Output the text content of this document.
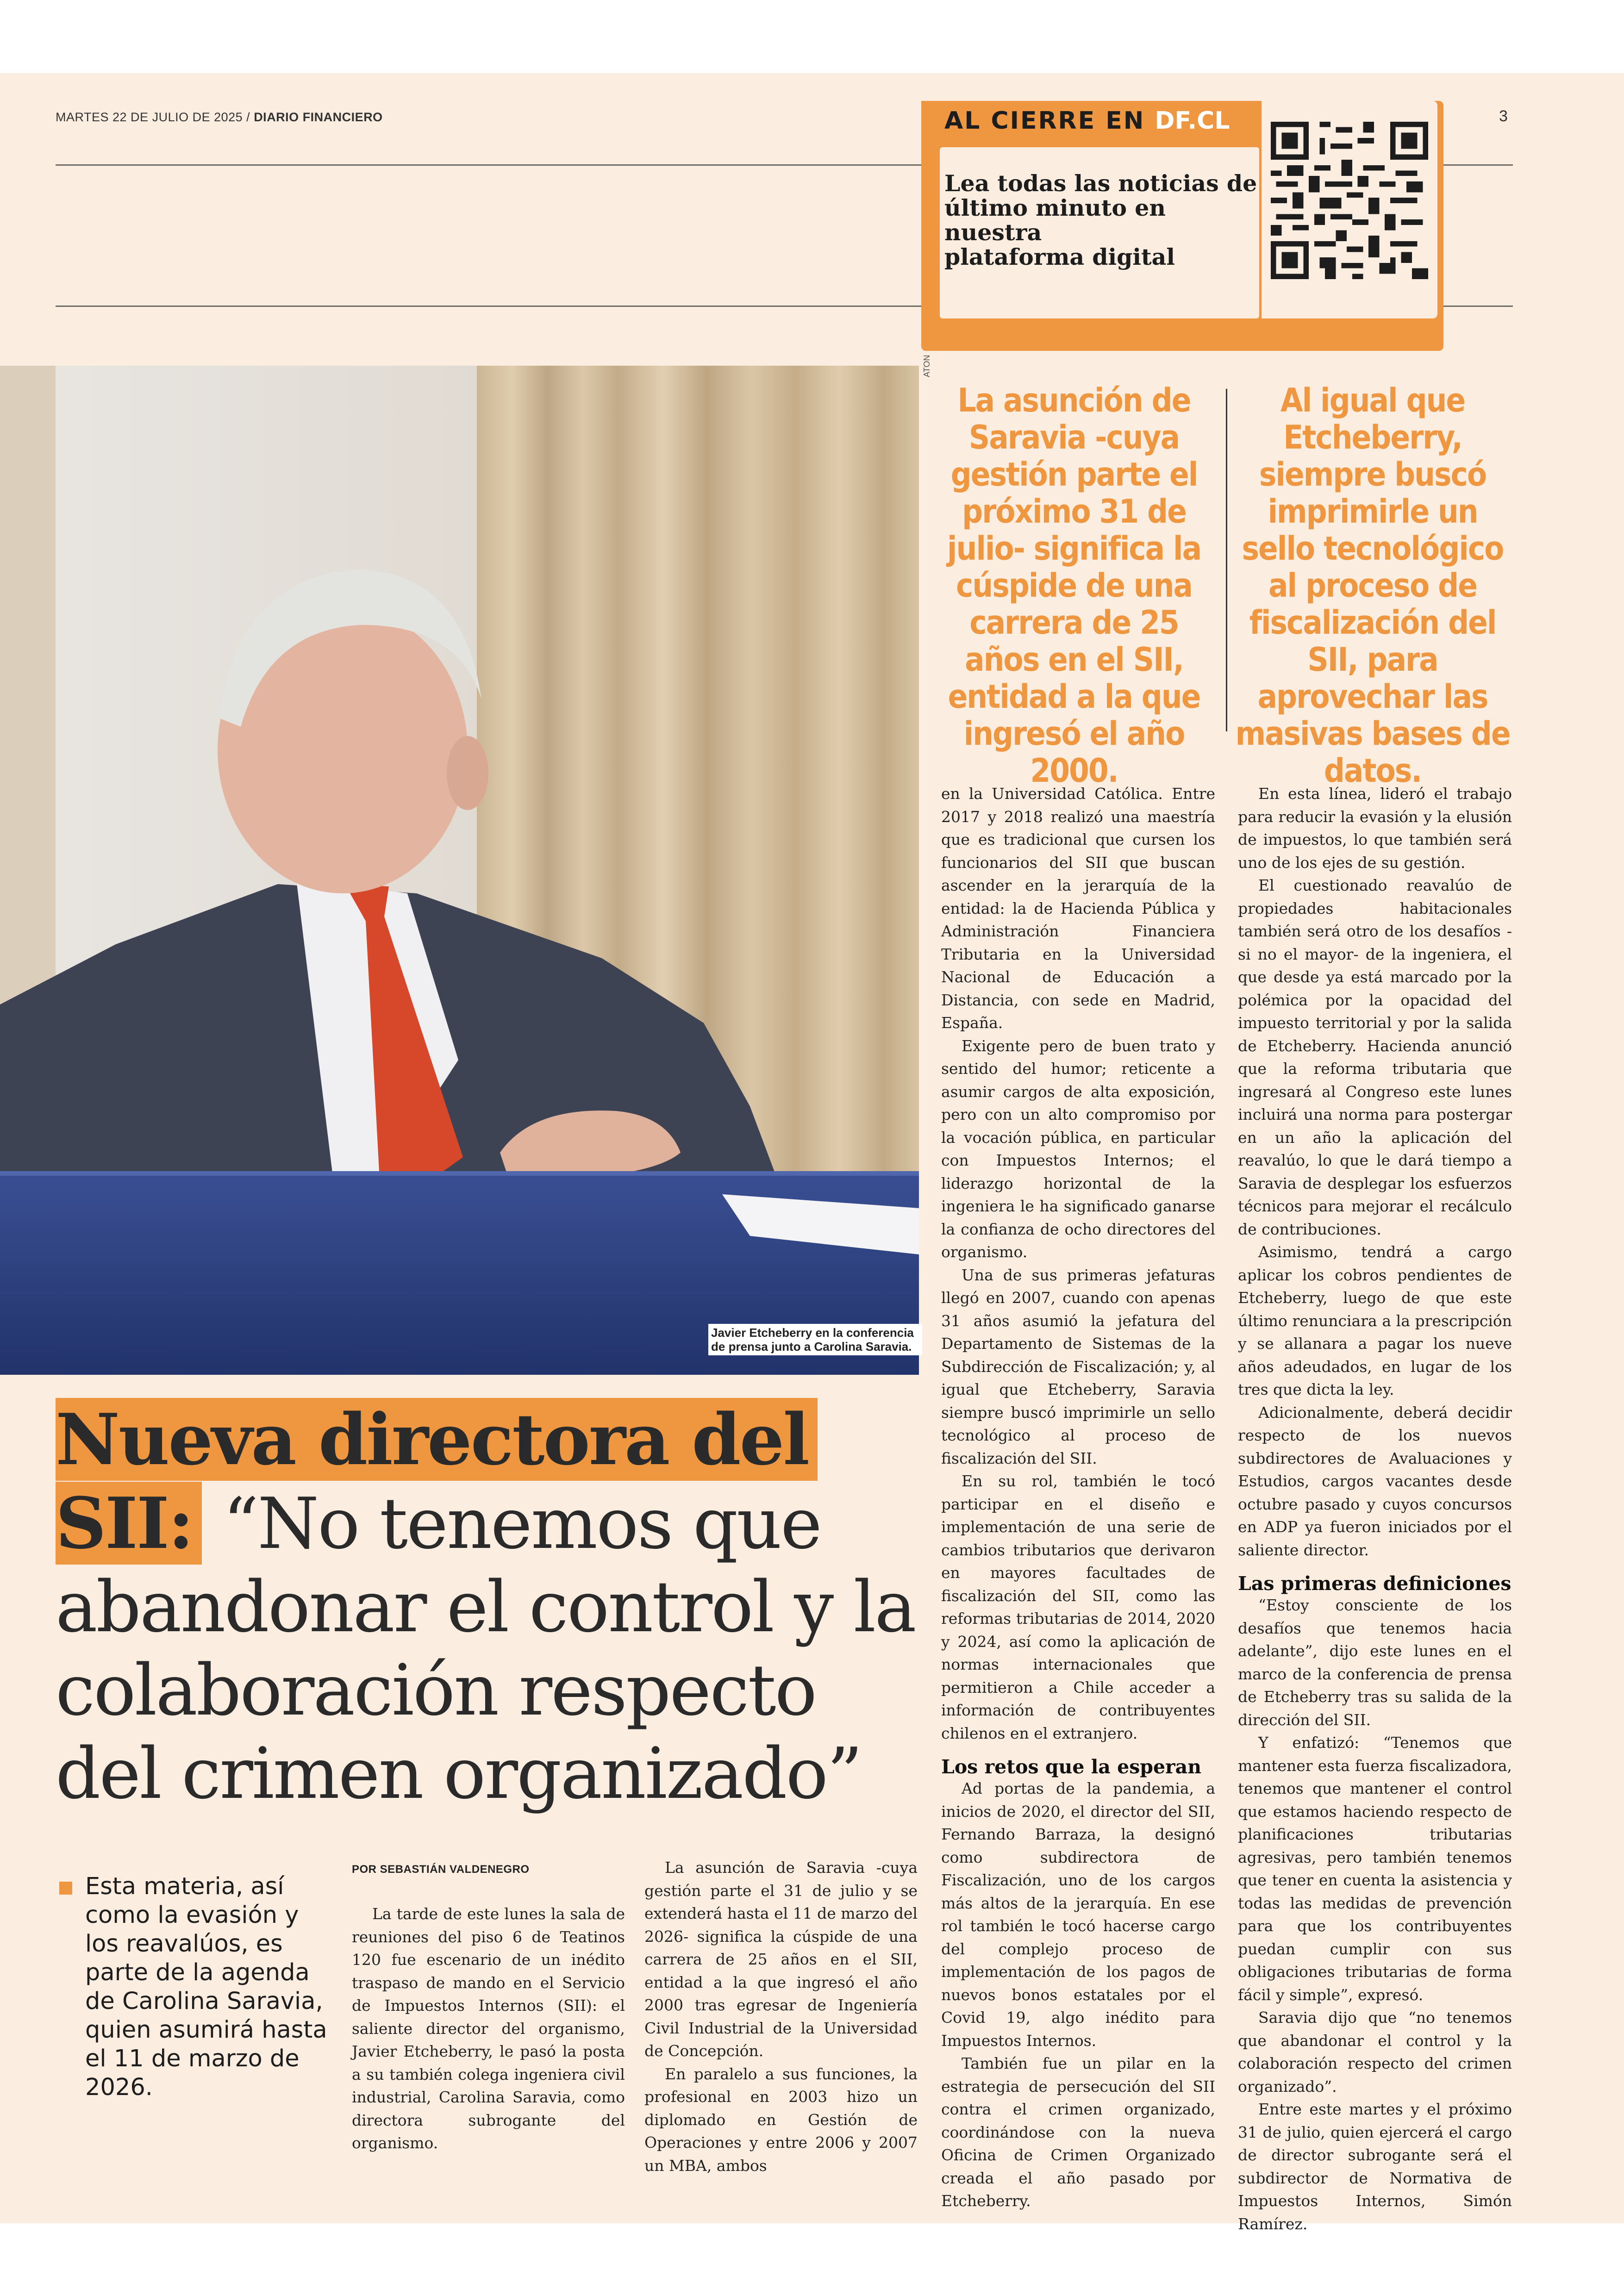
MARTES 22 DE JULIO DE 2025 / DIARIO FINANCIERO	3
AL CIERRE EN DF.CL
Lea todas las noticias de
último minuto en nuestra
plataforma digital
ATON
Javier Etcheberry en la conferencia de prensa junto a Carolina Saravia.
La asunción de Saravia -cuya gestión parte el próximo 31 de julio- significa la cúspide de una carrera de 25 años en el SII, entidad a la que ingresó el año 2000.
Al igual que Etcheberry, siempre buscó imprimirle un sello tecnológico al proceso de fiscalización del SII, para aprovechar las masivas bases de datos.
Nueva directora del
SII: “No tenemos que abandonar el control y la colaboración respecto del crimen organizado”
Esta materia, así como la evasión y los reavalúos, es parte de la agenda de Carolina Saravia, quien asumirá hasta el 11 de marzo de 2026.
POR SEBASTIÁN VALDENEGRO

La tarde de este lunes la sala de reuniones del piso 6 de Teatinos 120 fue escenario de un inédito traspaso de mando en el Servicio de Impuestos Internos (SII): el saliente director del organismo, Javier Etcheberry, le pasó la posta a su también colega ingeniera civil industrial, Carolina Saravia, como directora subrogante del organismo.

La asunción de Saravia -cuya gestión parte el 31 de julio y se extenderá hasta el 11 de marzo del 2026- significa la cúspide de una carrera de 25 años en el SII, entidad a la que ingresó el año 2000 tras egresar de Ingeniería Civil Industrial de la Universidad de Concepción.

En paralelo a sus funciones, la profesional en 2003 hizo un diplomado en Gestión de Operaciones y entre 2006 y 2007 un MBA, ambos

en la Universidad Católica. Entre 2017 y 2018 realizó una maestría que es tradicional que cursen los funcionarios del SII que buscan ascender en la jerarquía de la entidad: la de Hacienda Pública y Administración Financiera Tributaria en la Universidad Nacional de Educación a Distancia, con sede en Madrid, España.

Exigente pero de buen trato y sentido del humor; reticente a asumir cargos de alta exposición, pero con un alto compromiso por la vocación pública, en particular con Impuestos Internos; el liderazgo horizontal de la ingeniera le ha significado ganarse la confianza de ocho directores del organismo.

Una de sus primeras jefaturas llegó en 2007, cuando con apenas 31 años asumió la jefatura del Departamento de Sistemas de la Subdirección de Fiscalización; y, al igual que Etcheberry, Saravia siempre buscó imprimirle un sello tecnológico al proceso de fiscalización del SII.

En su rol, también le tocó participar en el diseño e implementación de una serie de cambios tributarios que derivaron en mayores facultades de fiscalización del SII, como las reformas tributarias de 2014, 2020 y 2024, así como la aplicación de normas internacionales que permitieron a Chile acceder a información de contribuyentes chilenos en el extranjero.

Los retos que la esperan

Ad portas de la pandemia, a inicios de 2020, el director del SII, Fernando Barraza, la designó como subdirectora de Fiscalización, uno de los cargos más altos de la jerarquía. En ese rol también le tocó hacerse cargo del complejo proceso de implementación de los pagos de nuevos bonos estatales por el Covid 19, algo inédito para Impuestos Internos.

También fue un pilar en la estrategia de persecución del SII contra el crimen organizado, coordinándose con la nueva Oficina de Crimen Organizado creada el año pasado por Etcheberry.

En esta línea, lideró el trabajo para reducir la evasión y la elusión de impuestos, lo que también será uno de los ejes de su gestión.

El cuestionado reavalúo de propiedades habitacionales también será otro de los desafíos -si no el mayor- de la ingeniera, el que desde ya está marcado por la polémica por la opacidad del impuesto territorial y por la salida de Etcheberry. Hacienda anunció que la reforma tributaria que ingresará al Congreso este lunes incluirá una norma para postergar en un año la aplicación del reavalúo, lo que le dará tiempo a Saravia de desplegar los esfuerzos técnicos para mejorar el recálculo de contribuciones.

Asimismo, tendrá a cargo aplicar los cobros pendientes de Etcheberry, luego de que este último renunciara a la prescripción y se allanara a pagar los nueve años adeudados, en lugar de los tres que dicta la ley.

Adicionalmente, deberá decidir respecto de los nuevos subdirectores de Avaluaciones y Estudios, cargos vacantes desde octubre pasado y cuyos concursos en ADP ya fueron iniciados por el saliente director.

Las primeras definiciones

“Estoy consciente de los desafíos que tenemos hacia adelante”, dijo este lunes en el marco de la conferencia de prensa de Etcheberry tras su salida de la dirección del SII.

Y enfatizó: “Tenemos que mantener esta fuerza fiscalizadora, tenemos que mantener el control que estamos haciendo respecto de planificaciones tributarias agresivas, pero también tenemos que tener en cuenta la asistencia y todas las medidas de prevención para que los contribuyentes puedan cumplir con sus obligaciones tributarias de forma fácil y simple”, expresó.

Saravia dijo que “no tenemos que abandonar el control y la colaboración respecto del crimen organizado”.

Entre este martes y el próximo 31 de julio, quien ejercerá el cargo de director subrogante será el subdirector de Normativa de Impuestos Internos, Simón Ramírez.
